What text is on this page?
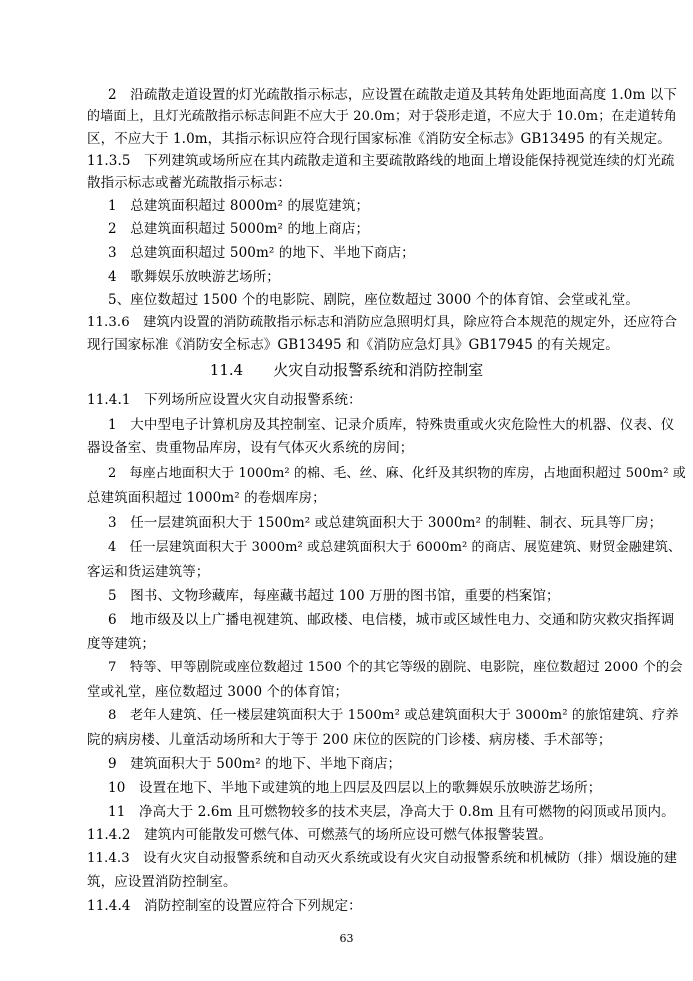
2　沿疏散走道设置的灯光疏散指示标志，应设置在疏散走道及其转角处距地面高度 1.0m 以下
的墙面上，且灯光疏散指示标志间距不应大于 20.0m；对于袋形走道，不应大于 10.0m；在走道转角
区，不应大于 1.0m，其指示标识应符合现行国家标准《消防安全标志》GB13495 的有关规定。
11.3.5　下列建筑或场所应在其内疏散走道和主要疏散路线的地面上增设能保持视觉连续的灯光疏
散指示标志或蓄光疏散指示标志：
1　总建筑面积超过 8000m² 的展览建筑；
2　总建筑面积超过 5000m² 的地上商店；
3　总建筑面积超过 500m² 的地下、半地下商店；
4　歌舞娱乐放映游艺场所；
5、座位数超过 1500 个的电影院、剧院，座位数超过 3000 个的体育馆、会堂或礼堂。
11.3.6　建筑内设置的消防疏散指示标志和消防应急照明灯具，除应符合本规范的规定外，还应符合
现行国家标准《消防安全标志》GB13495 和《消防应急灯具》GB17945 的有关规定。
11.4　　火灾自动报警系统和消防控制室
11.4.1　下列场所应设置火灾自动报警系统：
1　大中型电子计算机房及其控制室、记录介质库，特殊贵重或火灾危险性大的机器、仪表、仪
器设备室、贵重物品库房，设有气体灭火系统的房间；
2　每座占地面积大于 1000m² 的棉、毛、丝、麻、化纤及其织物的库房，占地面积超过 500m² 或
总建筑面积超过 1000m² 的卷烟库房；
3　任一层建筑面积大于 1500m² 或总建筑面积大于 3000m² 的制鞋、制衣、玩具等厂房；
4　任一层建筑面积大于 3000m² 或总建筑面积大于 6000m² 的商店、展览建筑、财贸金融建筑、
客运和货运建筑等；
5　图书、文物珍藏库，每座藏书超过 100 万册的图书馆，重要的档案馆；
6　地市级及以上广播电视建筑、邮政楼、电信楼，城市或区域性电力、交通和防灾救灾指挥调
度等建筑；
7　特等、甲等剧院或座位数超过 1500 个的其它等级的剧院、电影院，座位数超过 2000 个的会
堂或礼堂，座位数超过 3000 个的体育馆；
8　老年人建筑、任一楼层建筑面积大于 1500m² 或总建筑面积大于 3000m² 的旅馆建筑、疗养
院的病房楼、儿童活动场所和大于等于 200 床位的医院的门诊楼、病房楼、手术部等；
9　建筑面积大于 500m² 的地下、半地下商店；
10　设置在地下、半地下或建筑的地上四层及四层以上的歌舞娱乐放映游艺场所；
11　净高大于 2.6m 且可燃物较多的技术夹层，净高大于 0.8m 且有可燃物的闷顶或吊顶内。
11.4.2　建筑内可能散发可燃气体、可燃蒸气的场所应设可燃气体报警装置。
11.4.3　设有火灾自动报警系统和自动灭火系统或设有火灾自动报警系统和机械防（排）烟设施的建
筑，应设置消防控制室。
11.4.4　消防控制室的设置应符合下列规定：
63
